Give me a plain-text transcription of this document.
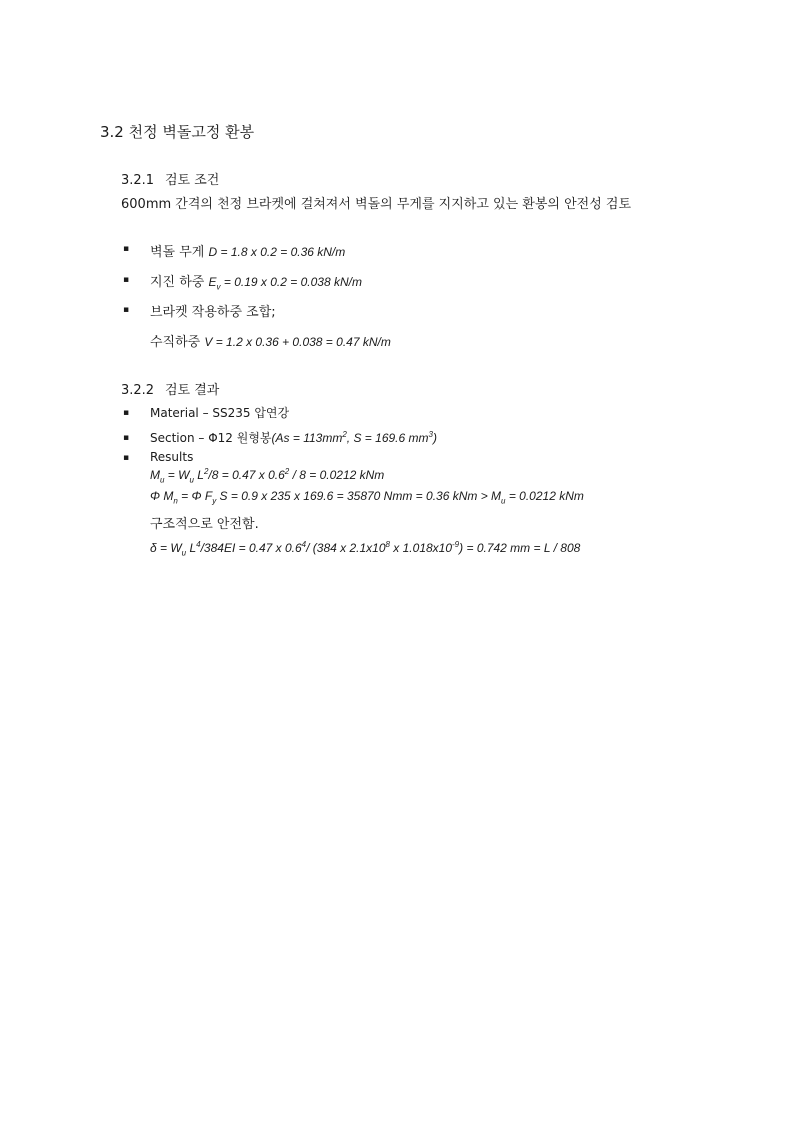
3.2 천정 벽돌고정 환봉
3.2.1 검토 조건
600mm 간격의 천정 브라켓에 걸쳐져서 벽돌의 무게를 지지하고 있는 환봉의 안전성 검토
▪ 벽돌 무게 D = 1.8 x 0.2 = 0.36 kN/m
▪ 지진 하중 $E_v = 0.19$ x 0.2 = 0.038 kN/m
▪ 브라켓 작용하중 조합;
수직하중 V = 1.2 x 0.36 + 0.038 = 0.47 kN/m
3.2.2 검토 결과
▪ Material – SS235 압연강
▪ Section – Φ12 원형봉($As = 113mm^2$, S = 169.6 $mm^3$)
▪ Results
$M_u = W_u$ $L^2/8 = 0.47$ x $0.6^2 / 8 = 0.0212$ kNm
Φ $M_n = \Phi$ $F_y$ S = 0.9 x 235 x 169.6 = 35870 Nmm = 0.36 kNm > $M_u = 0.0212$ kNm
구조적으로 안전함.
$\delta = W_u$ $L^4/384EI = 0.47$ x $0.6^4/$ (384 x $2.1x10^8$ x $1.018x10^{-9}) = 0.742$ mm = L / 808
